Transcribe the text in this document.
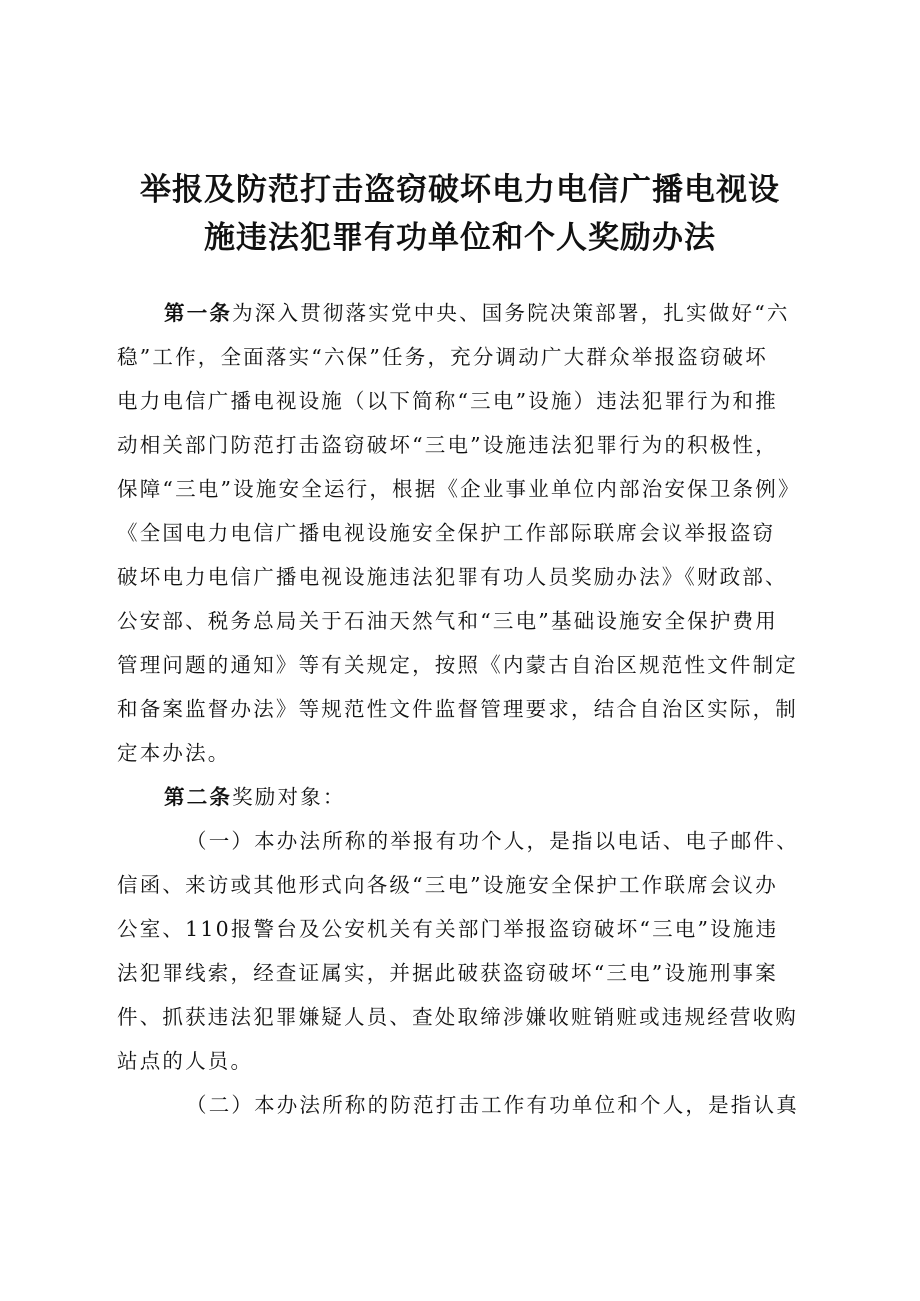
举报及防范打击盗窃破坏电力电信广播电视设
施违法犯罪有功单位和个人奖励办法

第一条为深入贯彻落实党中央、国务院决策部署，扎实做好“六

稳”工作，全面落实“六保”任务，充分调动广大群众举报盗窃破坏

电力电信广播电视设施（以下简称“三电”设施）违法犯罪行为和推

动相关部门防范打击盗窃破坏“三电”设施违法犯罪行为的积极性，

保障“三电”设施安全运行，根据《企业事业单位内部治安保卫条例》

《全国电力电信广播电视设施安全保护工作部际联席会议举报盗窃

破坏电力电信广播电视设施违法犯罪有功人员奖励办法》《财政部、

公安部、税务总局关于石油天然气和“三电”基础设施安全保护费用

管理问题的通知》等有关规定，按照《内蒙古自治区规范性文件制定

和备案监督办法》等规范性文件监督管理要求，结合自治区实际，制

定本办法。

第二条奖励对象：

（一）本办法所称的举报有功个人，是指以电话、电子邮件、

信函、来访或其他形式向各级“三电”设施安全保护工作联席会议办

公室、110报警台及公安机关有关部门举报盗窃破坏“三电”设施违

法犯罪线索，经查证属实，并据此破获盗窃破坏“三电”设施刑事案

件、抓获违法犯罪嫌疑人员、查处取缔涉嫌收赃销赃或违规经营收购

站点的人员。

（二）本办法所称的防范打击工作有功单位和个人，是指认真
